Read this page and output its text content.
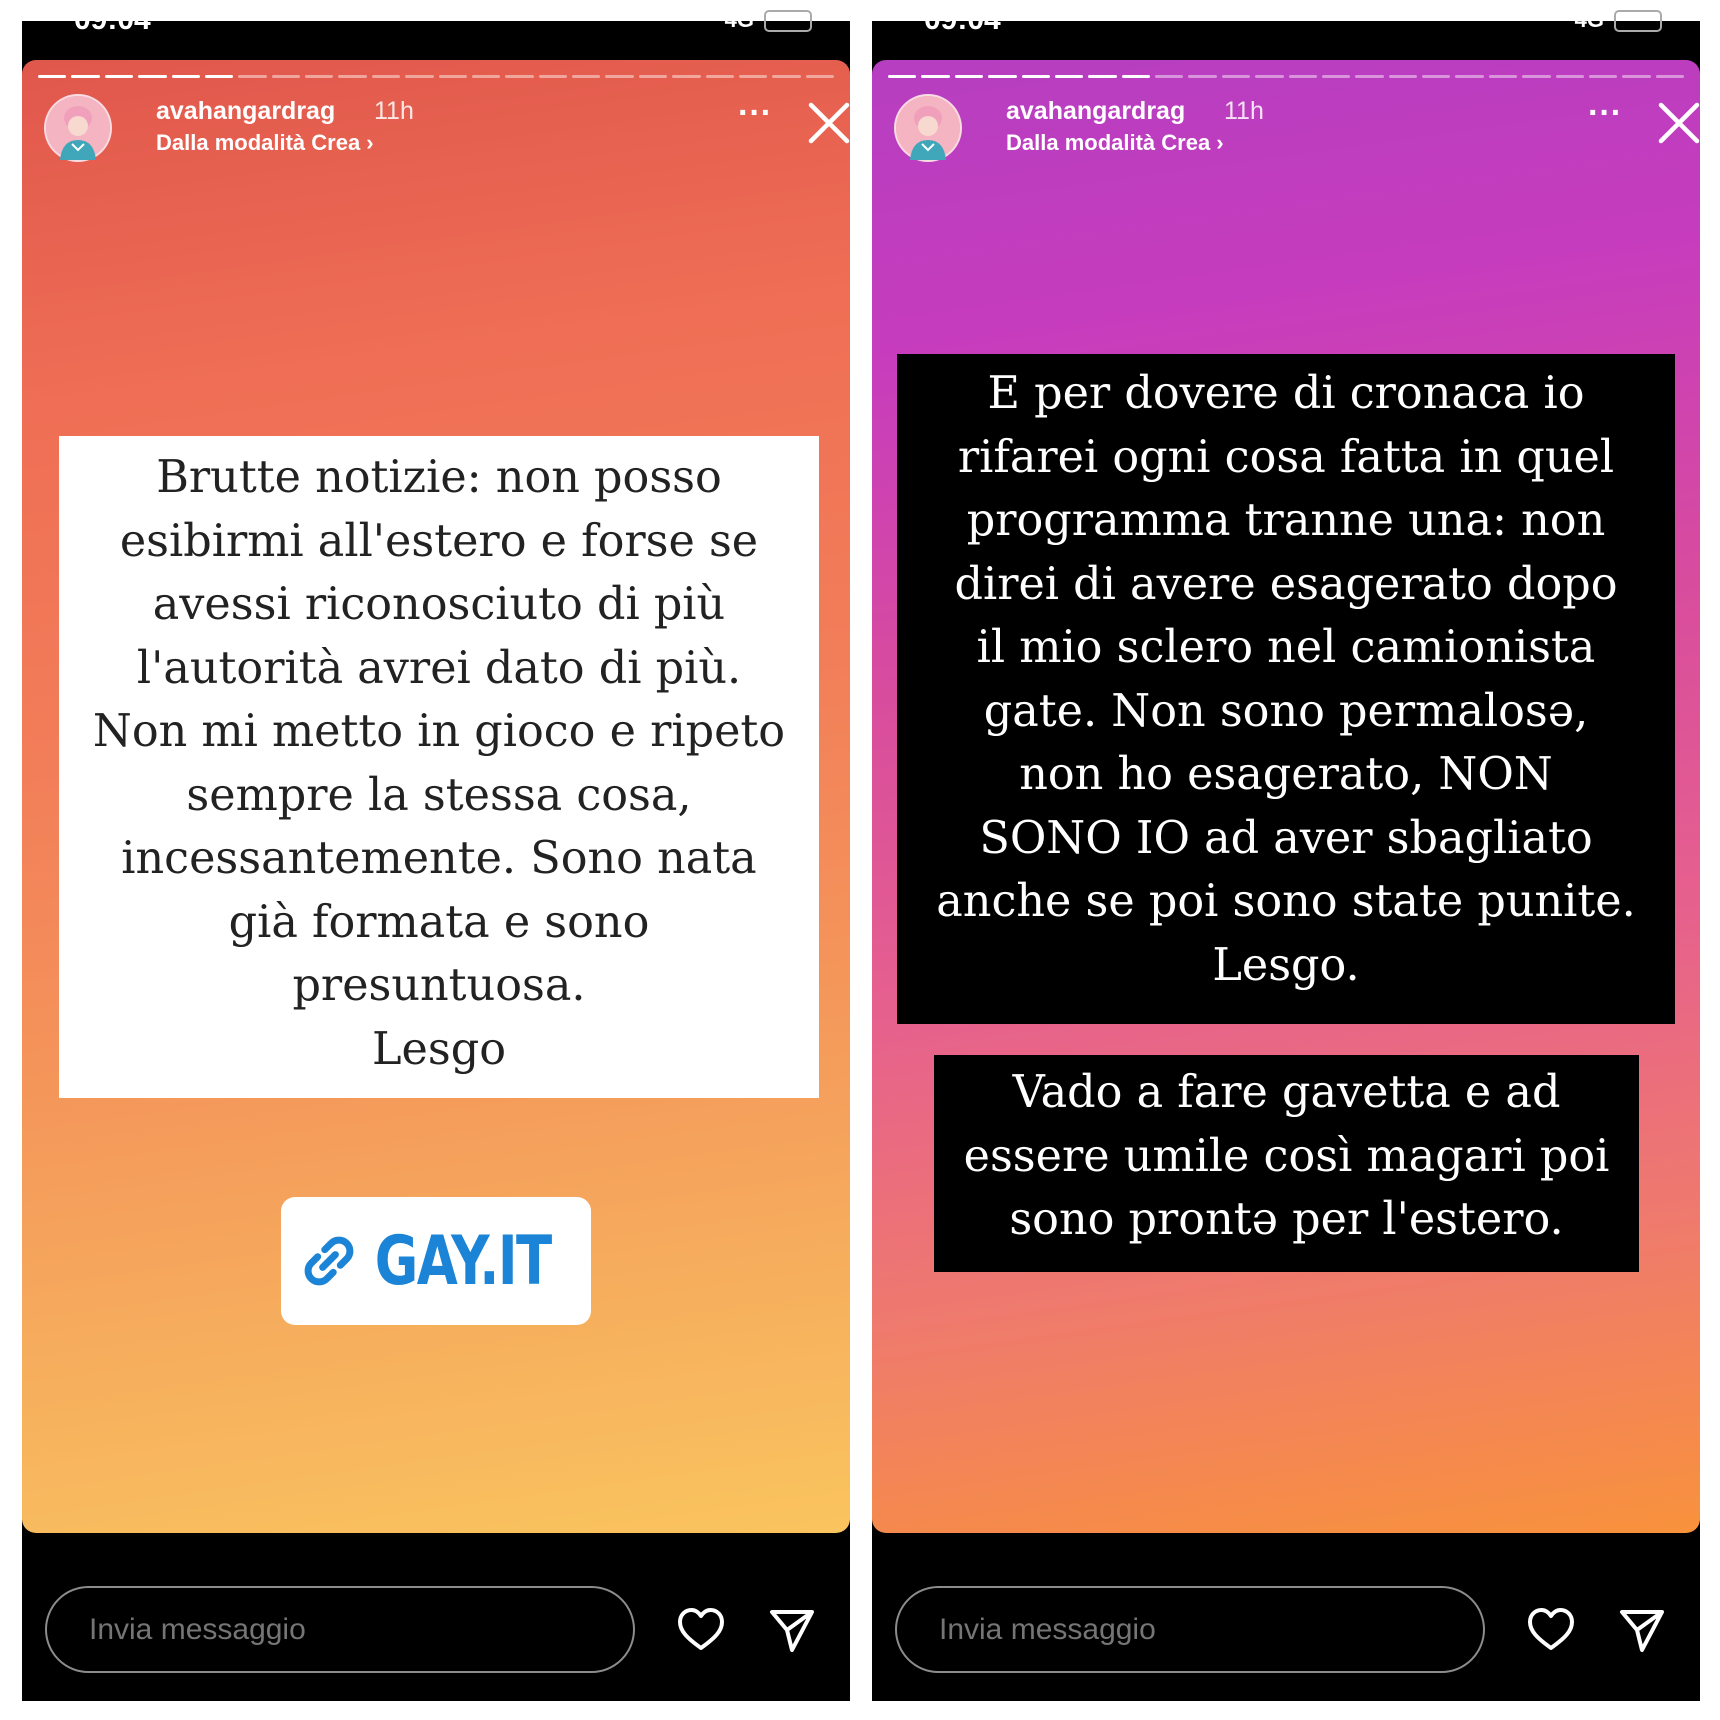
09:04	4G
avahangardrag 11h
Dalla modalità Crea ›
···
Brutte notizie: non posso
esibirmi all'estero e forse se
avessi riconosciuto di più
l'autorità avrei dato di più.
Non mi metto in gioco e ripeto
sempre la stessa cosa,
incessantemente. Sono nata
già formata e sono
presuntuosa.
Lesgo
GAY.IT
Invia messaggio
09:04	4G
avahangardrag 11h
Dalla modalità Crea ›
···
E per dovere di cronaca io
rifarei ogni cosa fatta in quel
programma tranne una: non
direi di avere esagerato dopo
il mio sclero nel camionista
gate. Non sono permalosə,
non ho esagerato, NON
SONO IO ad aver sbagliato
anche se poi sono state punite.
Lesgo.
Vado a fare gavetta e ad
essere umile così magari poi
sono prontə per l'estero.
Invia messaggio
